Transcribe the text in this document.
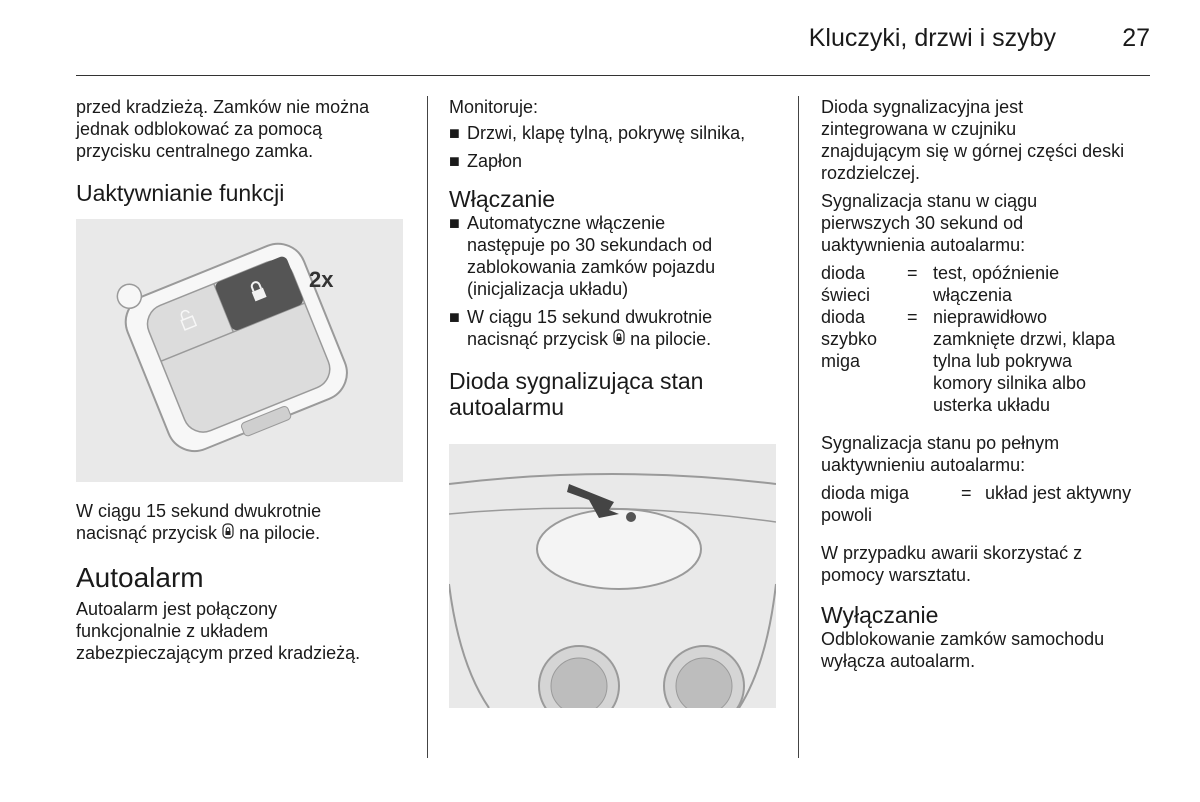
Kluczyki, drzwi i szyby	27

przed kradzieżą. Zamków nie można

jednak odblokować za pomocą

przycisku centralnego zamka.

Uaktywnianie funkcji

2x

W ciągu 15 sekund dwukrotnie

nacisnąć przycisk na pilocie.

Autoalarm

Autoalarm jest połączony

funkcjonalnie z układem

zabezpieczającym przed kradzieżą.

Monitoruje:

■ Drzwi, klapę tylną, pokrywę silnika,
■ Zapłon

Włączanie

■ Automatyczne włączenie
następuje po 30 sekundach od
zablokowania zamków pojazdu
(inicjalizacja układu)
■ W ciągu 15 sekund dwukrotnie
nacisnąć przycisk na pilocie.

Dioda sygnalizująca stan

autoalarmu

Dioda sygnalizacyjna jest

zintegrowana w czujniku

znajdującym się w górnej części deski

rozdzielczej.

Sygnalizacja stanu w ciągu

pierwszych 30 sekund od

uaktywnienia autoalarmu:

dioda
świeci
= test, opóźnienie
włączenia
dioda
szybko
miga
= nieprawidłowo
zamknięte drzwi, klapa
tylna lub pokrywa
komory silnika albo
usterka układu

Sygnalizacja stanu po pełnym

uaktywnieniu autoalarmu:

dioda miga
powoli
= układ jest aktywny

W przypadku awarii skorzystać z

pomocy warsztatu.

Wyłączanie

Odblokowanie zamków samochodu

wyłącza autoalarm.
